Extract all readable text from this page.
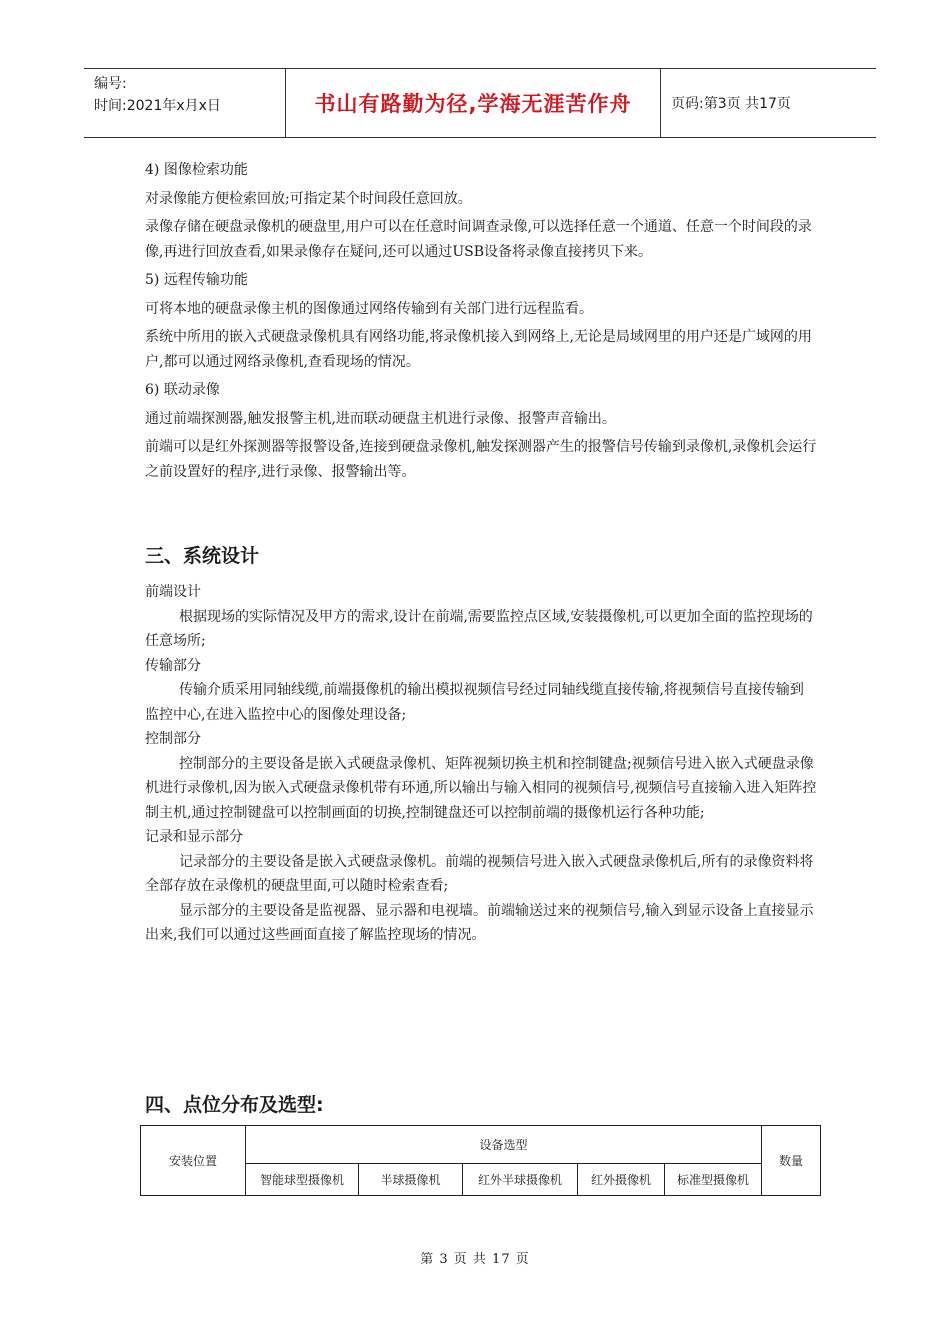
编号:
时间:2021年x月x日	书山有路勤为径,学海无涯苦作舟	页码:第3页 共17页

4) 图像检索功能

对录像能方便检索回放;可指定某个时间段任意回放。

录像存储在硬盘录像机的硬盘里,用户可以在任意时间调查录像,可以选择任意一个通道、任意一个时间段的录像,再进行回放查看,如果录像存在疑问,还可以通过USB设备将录像直接拷贝下来。

5) 远程传输功能

可将本地的硬盘录像主机的图像通过网络传输到有关部门进行远程监看。

系统中所用的嵌入式硬盘录像机具有网络功能,将录像机接入到网络上,无论是局域网里的用户还是广域网的用户,都可以通过网络录像机,查看现场的情况。

6) 联动录像

通过前端探测器,触发报警主机,进而联动硬盘主机进行录像、报警声音输出。

前端可以是红外探测器等报警设备,连接到硬盘录像机,触发探测器产生的报警信号传输到录像机,录像机会运行之前设置好的程序,进行录像、报警输出等。

三、系统设计

前端设计

根据现场的实际情况及甲方的需求,设计在前端,需要监控点区域,安装摄像机,可以更加全面的监控现场的任意场所;

传输部分

传输介质采用同轴线缆,前端摄像机的输出模拟视频信号经过同轴线缆直接传输,将视频信号直接传输到监控中心,在进入监控中心的图像处理设备;

控制部分

控制部分的主要设备是嵌入式硬盘录像机、矩阵视频切换主机和控制键盘;视频信号进入嵌入式硬盘录像机进行录像机,因为嵌入式硬盘录像机带有环通,所以输出与输入相同的视频信号,视频信号直接输入进入矩阵控制主机,通过控制键盘可以控制画面的切换,控制键盘还可以控制前端的摄像机运行各种功能;

记录和显示部分

记录部分的主要设备是嵌入式硬盘录像机。前端的视频信号进入嵌入式硬盘录像机后,所有的录像资料将全部存放在录像机的硬盘里面,可以随时检索查看;

显示部分的主要设备是监视器、显示器和电视墙。前端输送过来的视频信号,输入到显示设备上直接显示出来,我们可以通过这些画面直接了解监控现场的情况。

四、点位分布及选型:
安装位置	设备选型					数量
	智能球型摄像机	半球摄像机	红外半球摄像机	红外摄像机	标准型摄像机	
第 3 页 共 17 页
